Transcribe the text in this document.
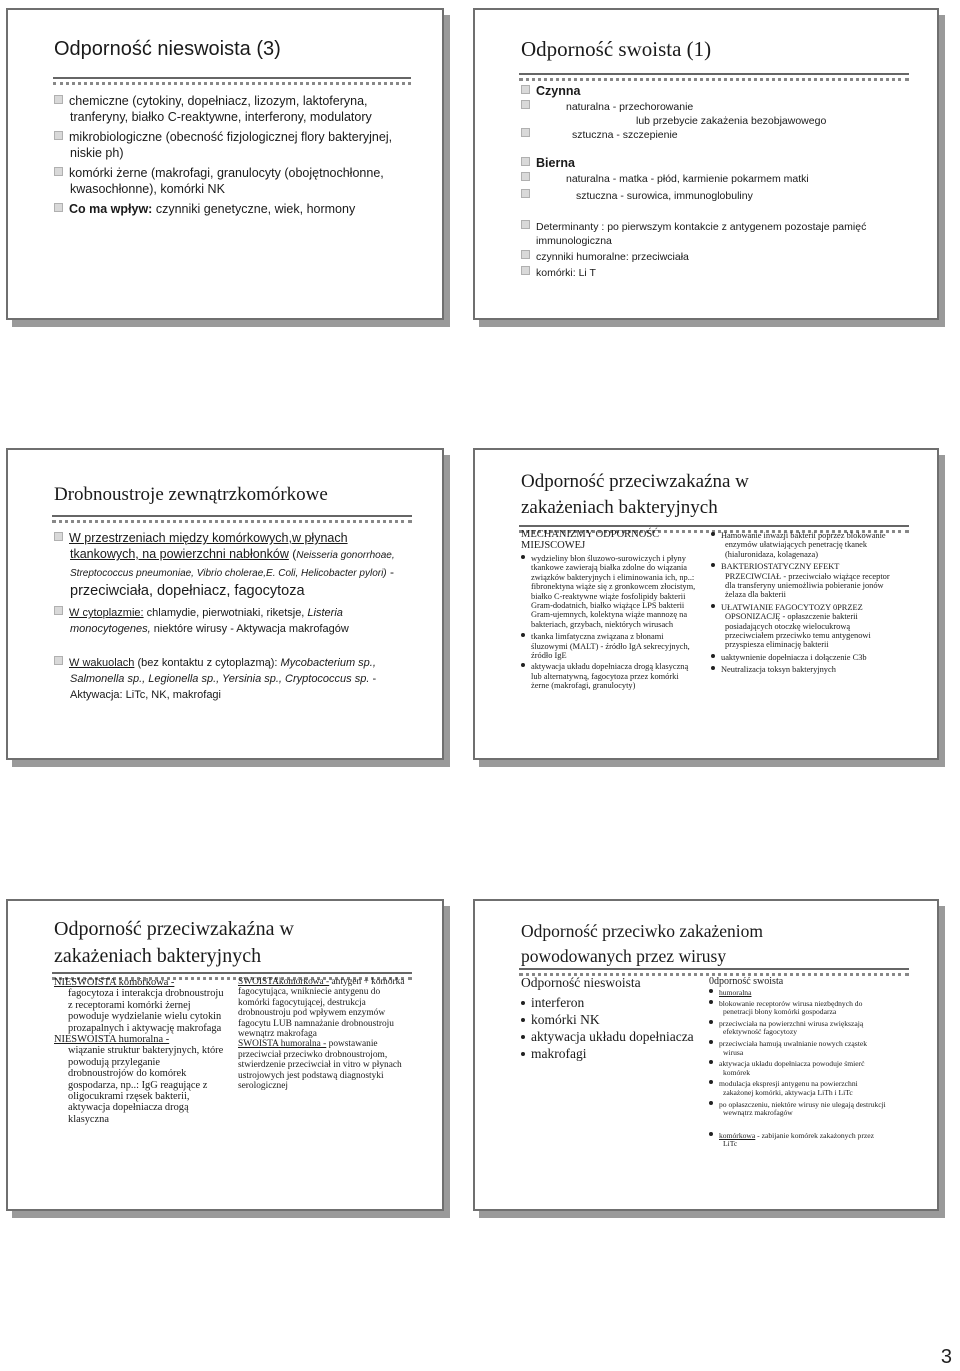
Odporność nieswoista (3)
chemiczne (cytokiny, dopełniacz, lizozym, laktoferyna, tranferyny, białko C-reaktywne, interferony, modulatory
mikrobiologiczne (obecność fizjologicznej flory bakteryjnej, niskie ph)
komórki żerne (makrofagi, granulocyty (obojętnochłonne, kwasochłonne), komórki NK
Co ma wpływ: czynniki genetyczne, wiek, hormony
Odporność swoista (1)
Czynna
naturalna - przechorowanie
lub przebycie zakażenia bezobjawowego
sztuczna - szczepienie
Bierna
naturalna - matka - płód, karmienie pokarmem matki
sztuczna - surowica, immunoglobuliny
Determinanty : po pierwszym kontakcie z antygenem pozostaje pamięć immunologiczna
czynniki humoralne: przeciwciała
komórki: Li T
Drobnoustroje zewnątrzkomórkowe
W przestrzeniach między komórkowych,w płynach tkankowych, na powierzchni nabłonków (Neisseria gonorrhoae, Streptococcus pneumoniae, Vibrio cholerae,E. Coli, Helicobacter pylori) - przeciwciała, dopełniacz, fagocytoza
W cytoplazmie: chlamydie, pierwotniaki, riketsje, Listeria monocytogenes, niektóre wirusy - Aktywacja makrofagów
W wakuolach (bez kontaktu z cytoplazmą): Mycobacterium sp., Salmonella sp., Legionella sp., Yersinia sp., Cryptococcus sp. - Aktywacja: LiTc, NK, makrofagi
Odporność przeciwzakaźna w
zakażeniach bakteryjnych
MECHANIZMY ODPORNOŚĆ MIEJSCOWEJ
wydzieliny błon śluzowo-surowiczych i płyny tkankowe zawierają białka zdolne do wiązania związków bakteryjnych i eliminowania ich, np..: fibronektyna wiąże się z gronkowcem złocistym, białko C-reaktywne wiąże fosfolipidy bakterii Gram-dodatnich, białko wiążące LPS bakterii Gram-ujemnych, kolektyna wiąże mannozę na bakteriach, grzybach, niektórych wirusach
tkanka limfatyczna związana z błonami śluzowymi (MALT) - źródło IgA sekrecyjnych, źródło IgE
aktywacja układu dopełniacza drogą klasyczną lub alternatywną, fagocytoza przez komórki żerne (makrofagi, granulocyty)
Hamowanie inwazji bakterii poprzez blokowanie enzymów ułatwiających penetrację tkanek (hialuronidaza, kolagenaza)
BAKTERIOSTATYCZNY EFEKT PRZECIWCIAŁ - przeciwciało wiążące receptor dla transferyny uniemożliwia pobieranie jonów żelaza dla bakterii
UŁATWIANIE FAGOCYTOZY 0PRZEZ OPSONIZACJĘ - opłaszczenie bakterii posiadających otoczkę wielocukrową przeciwciałem przeciwko temu antygenowi przyspiesza eliminację bakterii
uaktywnienie dopełniacza i dołączenie C3b
Neutralizacja toksyn bakteryjnych
Odporność przeciwzakaźna w
zakażeniach bakteryjnych
NIESWOISTA komórkowa -
fagocytoza i interakcja drobnoustroju z receptorami komórki żernej powoduje wydzielanie wielu cytokin prozapalnych i aktywację makrofaga
NIESWOISTA humoralna -
wiązanie struktur bakteryjnych, które powodują przyleganie drobnoustrojów do komórek gospodarza, np..: IgG reagujące z oligocukrami rzęsek bakterii, aktywacja dopełniacza drogą klasyczna
SWOISTAkomórkowa - antygen + komórka fagocytująca, wnikniecie antygenu do komórki fagocytującej, destrukcja drobnoustroju pod wpływem enzymów fagocytu LUB namnażanie drobnoustroju wewnątrz makrofaga
SWOISTA humoralna - powstawanie przeciwciał przeciwko drobnoustrojom, stwierdzenie przeciwciał in vitro w płynach ustrojowych jest podstawą diagnostyki serologicznej
Odporność przeciwko zakażeniom
powodowanych przez wirusy
Odporność nieswoista
interferon
komórki NK
aktywacja układu dopełniacza
makrofagi
0dporność swoista
humoralna
blokowanie receptorów wirusa niezbędnych do penetracji błony komórki gospodarza
przeciwciała na powierzchni wirusa zwiększają efektywność fagocytozy
przeciwciała hamują uwalnianie nowych cząstek wirusa
aktywacja układu dopełniacza powoduje śmierć komórek
modulacja ekspresji antygenu na powierzchni zakażonej komórki, aktywacja LiTh i LiTc
po opłaszczeniu, niektóre wirusy nie ulegają destrukcji wewnątrz makrofagów
komórkowa - zabijanie komórek zakażonych przez LiTc
3
